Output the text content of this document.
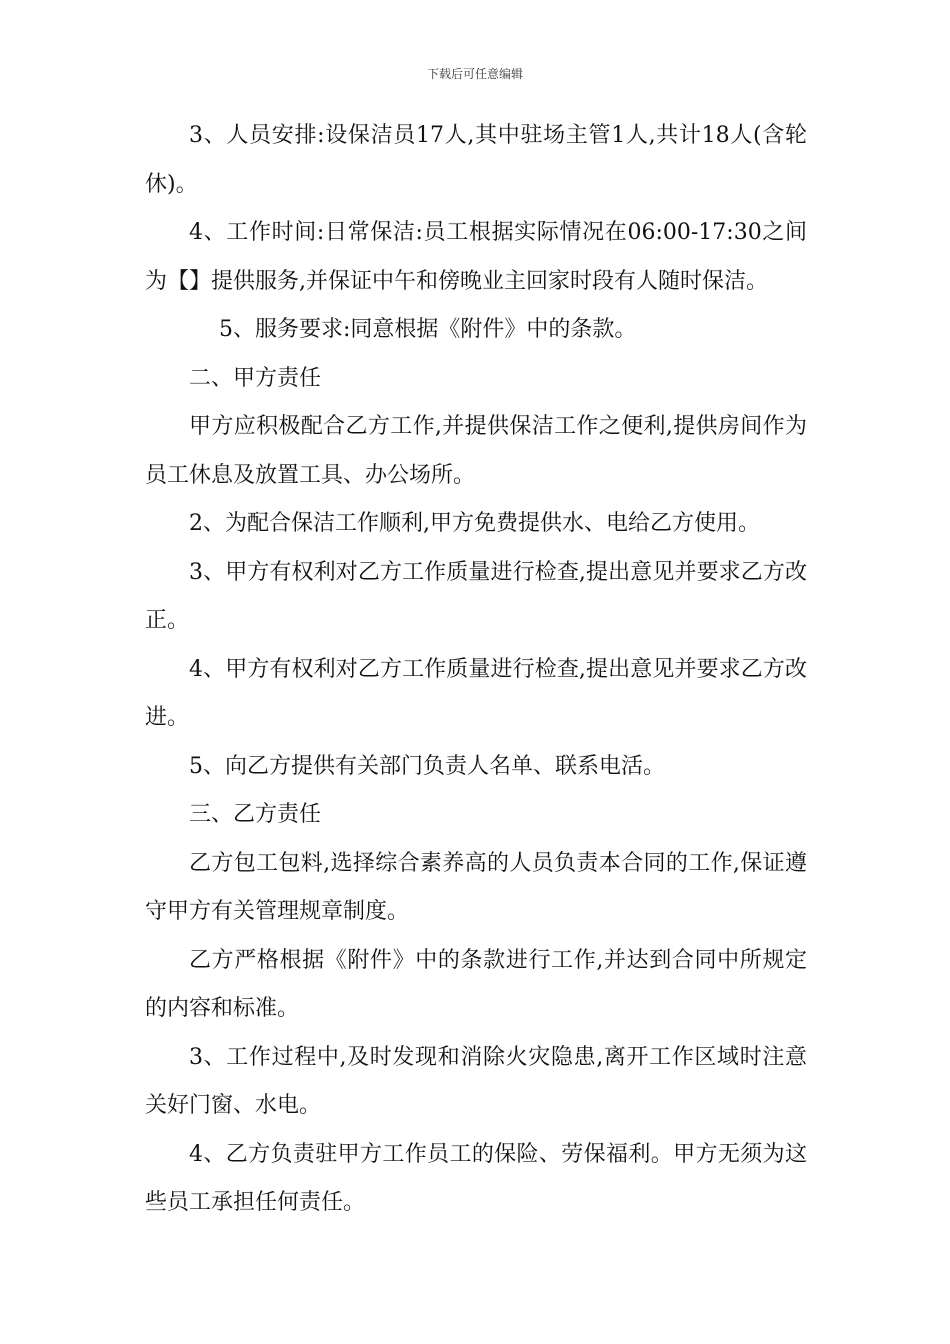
下载后可任意编辑

3、人员安排:设保洁员17人,其中驻场主管1人,共计18人(含轮休)。

4、工作时间:日常保洁:员工根据实际情况在06:00-17:30之间为【】提供服务,并保证中午和傍晚业主回家时段有人随时保洁。

5、服务要求:同意根据《附件》中的条款。

二、甲方责任

甲方应积极配合乙方工作,并提供保洁工作之便利,提供房间作为员工休息及放置工具、办公场所。

2、为配合保洁工作顺利,甲方免费提供水、电给乙方使用。

3、甲方有权利对乙方工作质量进行检查,提出意见并要求乙方改正。

4、甲方有权利对乙方工作质量进行检查,提出意见并要求乙方改进。

5、向乙方提供有关部门负责人名单、联系电活。

三、乙方责任

乙方包工包料,选择综合素养高的人员负责本合同的工作,保证遵守甲方有关管理规章制度。

乙方严格根据《附件》中的条款进行工作,并达到合同中所规定的内容和标准。

3、工作过程中,及时发现和消除火灾隐患,离开工作区域时注意关好门窗、水电。

4、乙方负责驻甲方工作员工的保险、劳保福利。甲方无须为这些员工承担任何责任。
